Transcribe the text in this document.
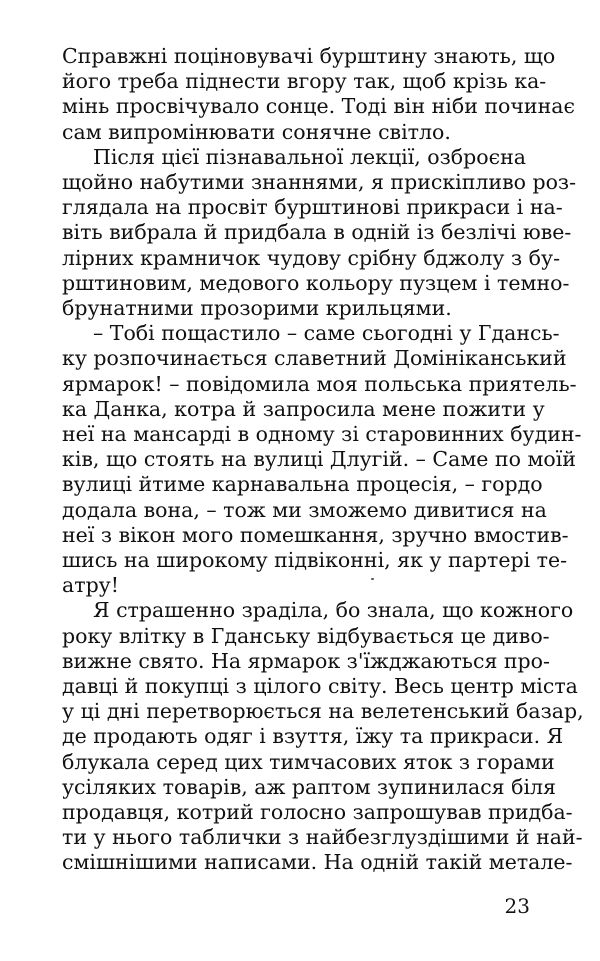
Справжні поціновувачі бурштину знають, що
його треба піднести вгору так, щоб крізь ка-
мінь просвічувало сонце. Тоді він ніби починає
сам випромінювати сонячне світло.
Після цієї пізнавальної лекції, озброєна
щойно набутими знаннями, я прискіпливо роз-
глядала на просвіт бурштинові прикраси і на-
віть вибрала й придбала в одній із безлічі юве-
лірних крамничок чудову срібну бджолу з бу-
рштиновим, медового кольору пузцем і темно-
брунатними прозорими крильцями.
– Тобі пощастило – саме сьогодні у Гдансь-
ку розпочинається славетний Домініканський
ярмарок! – повідомила моя польська приятель-
ка Данка, котра й запросила мене пожити у
неї на мансарді в одному зі старовинних будин-
ків, що стоять на вулиці Длугій. – Саме по моїй
вулиці йтиме карнавальна процесія, – гордо
додала вона, – тож ми зможемо дивитися на
неї з вікон мого помешкання, зручно вмостив-
шись на широкому підвіконні, як у партері те-
атру!
Я страшенно зраділа, бо знала, що кожного
року влітку в Гданську відбувається це диво-
вижне свято. На ярмарок з'їжджаються про-
давці й покупці з цілого світу. Весь центр міста
у ці дні перетворюється на велетенський базар,
де продають одяг і взуття, їжу та прикраси. Я
блукала серед цих тимчасових яток з горами
усіляких товарів, аж раптом зупинилася біля
продавця, котрий голосно запрошував придба-
ти у нього таблички з найбезглуздішими й най-
смішнішими написами. На одній такій метале-
23
